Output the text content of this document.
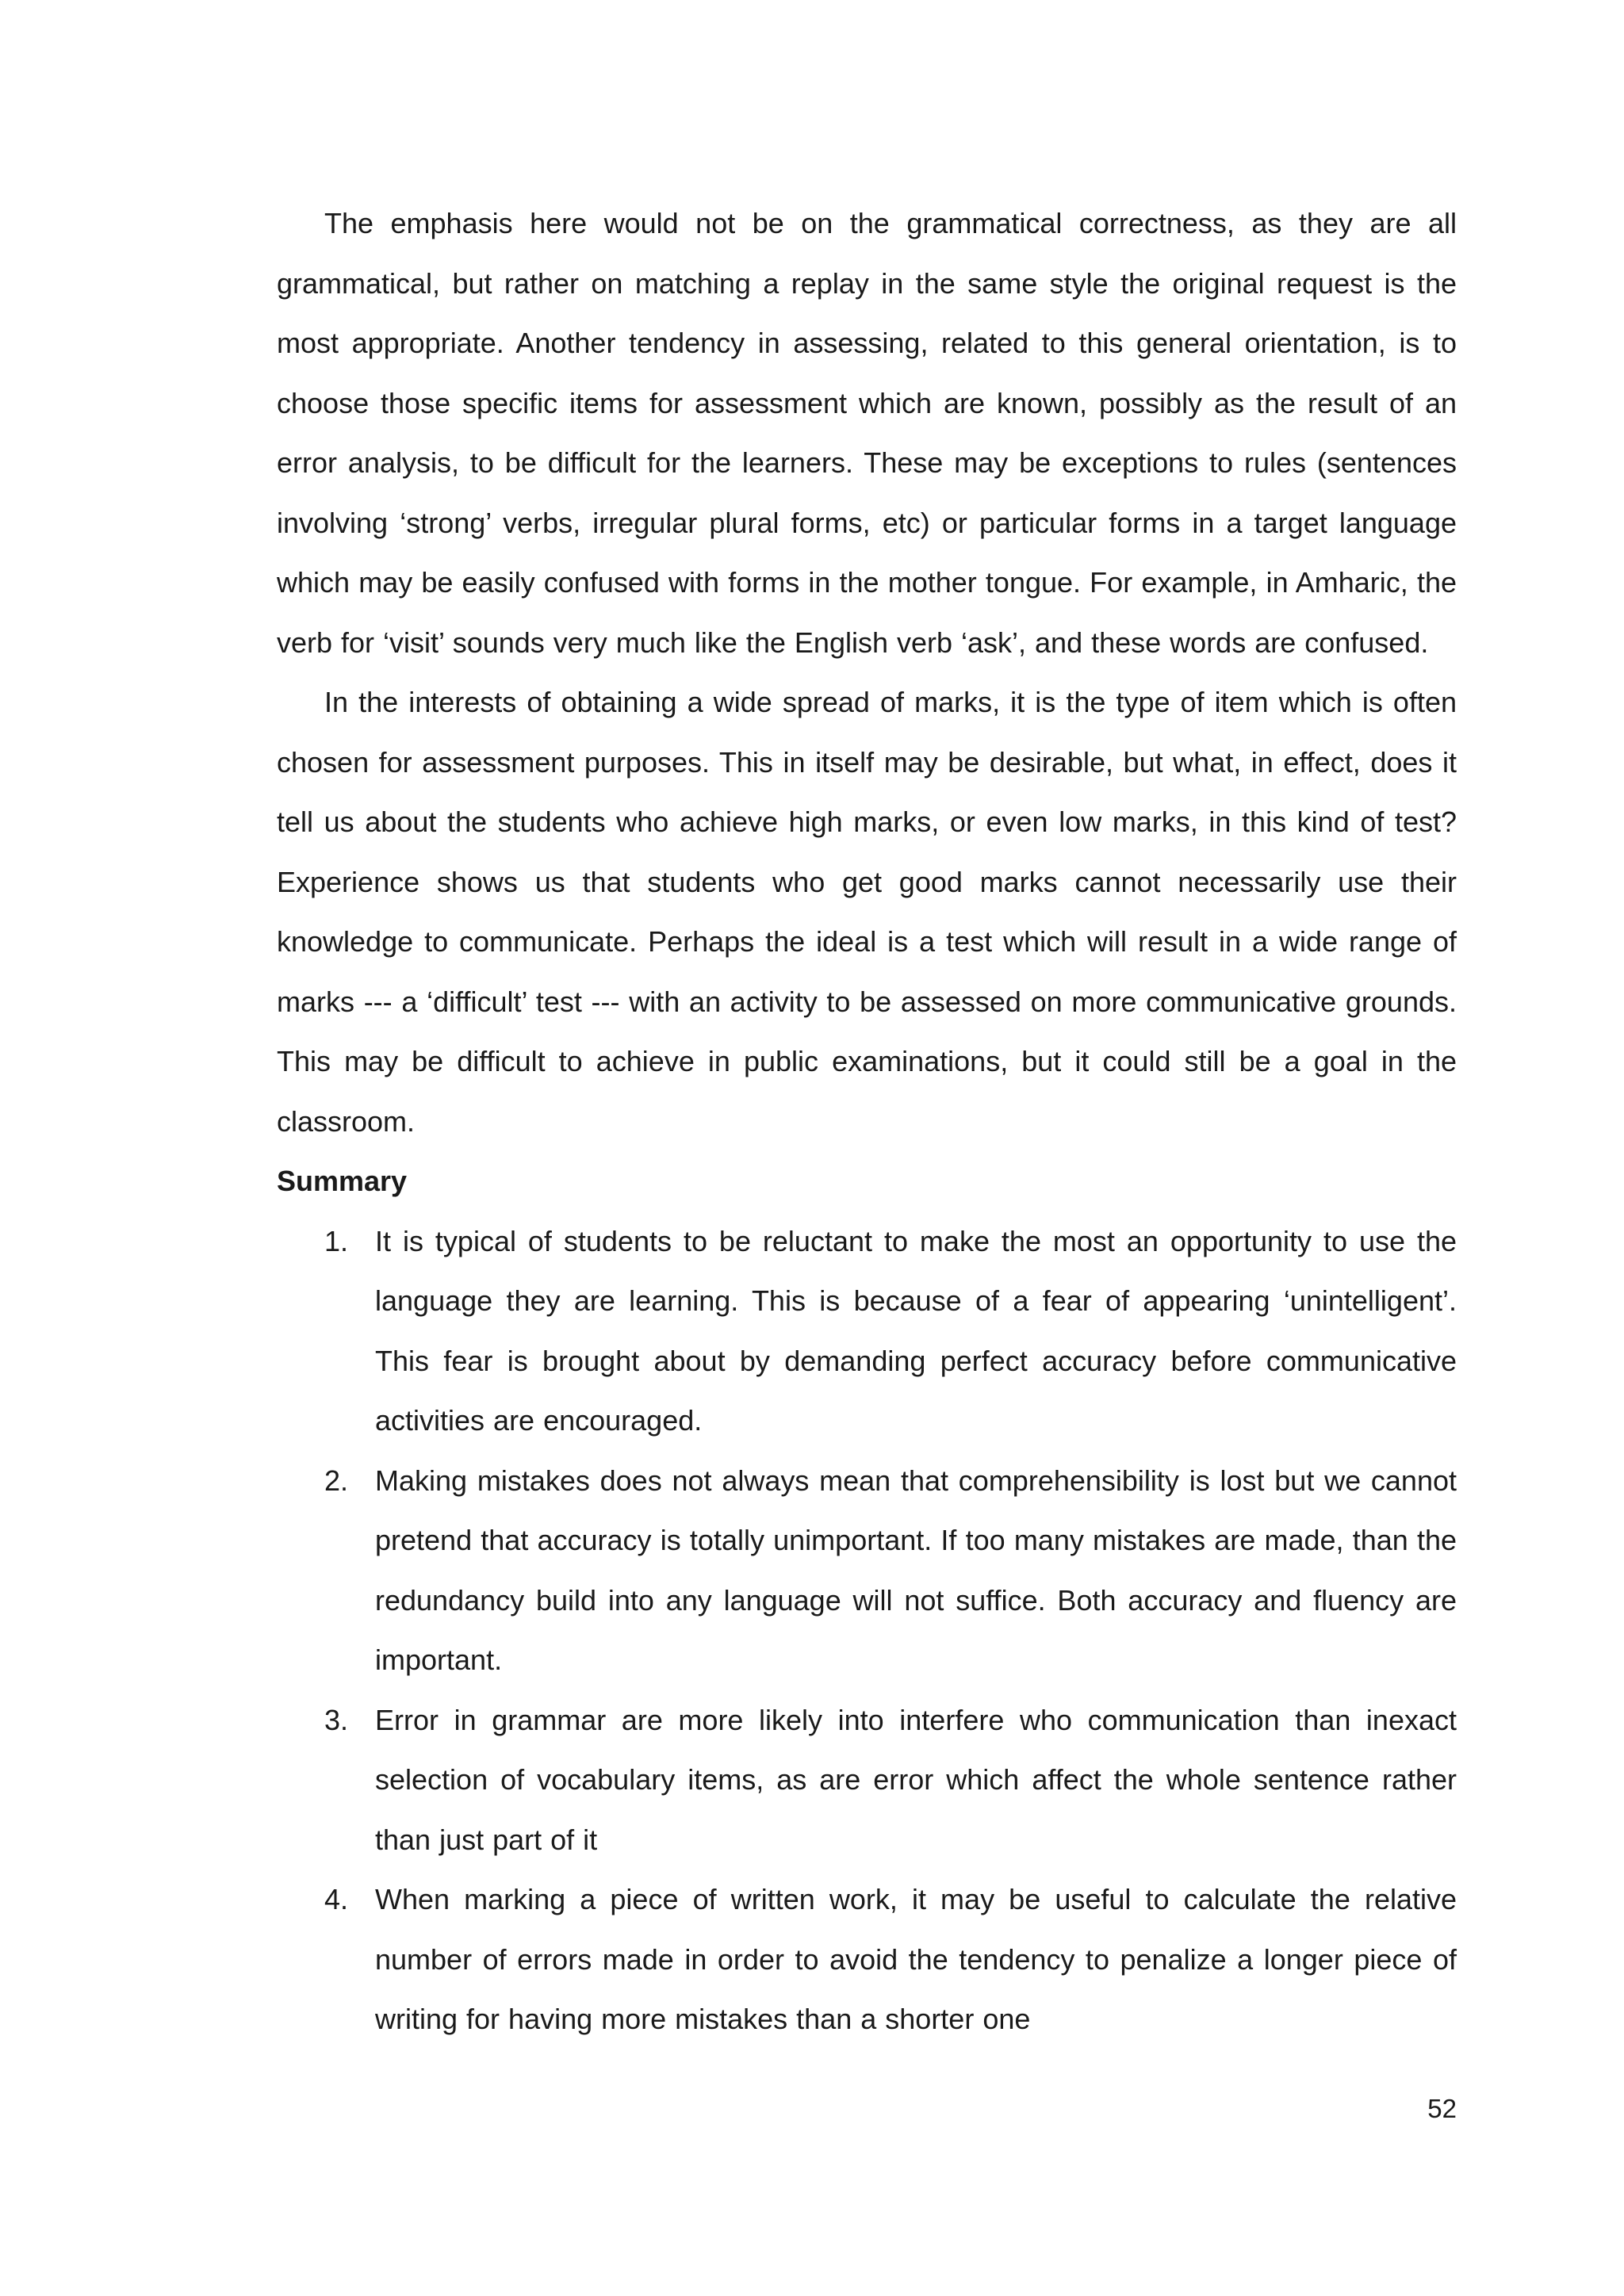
The emphasis here would not be on the grammatical correctness, as they are all grammatical, but rather on matching a replay in the same style the original request is the most appropriate. Another tendency in assessing, related to this general orientation, is to choose those specific items for assessment which are known, possibly as the result of an error analysis, to be difficult for the learners. These may be exceptions to rules (sentences involving ‘strong’ verbs, irregular plural forms, etc) or particular forms in a target language which may be easily confused with forms in the mother tongue. For example, in Amharic, the verb for ‘visit’ sounds very much like the English verb ‘ask’, and these words are confused.

In the interests of obtaining a wide spread of marks, it is the type of item which is often chosen for assessment purposes. This in itself may be desirable, but what, in effect, does it tell us about the students who achieve high marks, or even low marks, in this kind of test? Experience shows us that students who get good marks cannot necessarily use their knowledge to communicate. Perhaps the ideal is a test which will result in a wide range of marks --- a ‘difficult’ test --- with an activity to be assessed on more communicative grounds. This may be difficult to achieve in public examinations, but it could still be a goal in the classroom.

Summary
1. It is typical of students to be reluctant to make the most an opportunity to use the language they are learning. This is because of a fear of appearing ‘unintelligent’. This fear is brought about by demanding perfect accuracy before communicative activities are encouraged.

2. Making mistakes does not always mean that comprehensibility is lost but we cannot pretend that accuracy is totally unimportant. If too many mistakes are made, than the redundancy build into any language will not suffice. Both accuracy and fluency are important.

3. Error in grammar are more likely into interfere who communication than inexact selection of vocabulary items, as are error which affect the whole sentence rather than just part of it

4. When marking a piece of written work, it may be useful to calculate the relative number of errors made in order to avoid the tendency to penalize a longer piece of writing for having more mistakes than a shorter one

52
